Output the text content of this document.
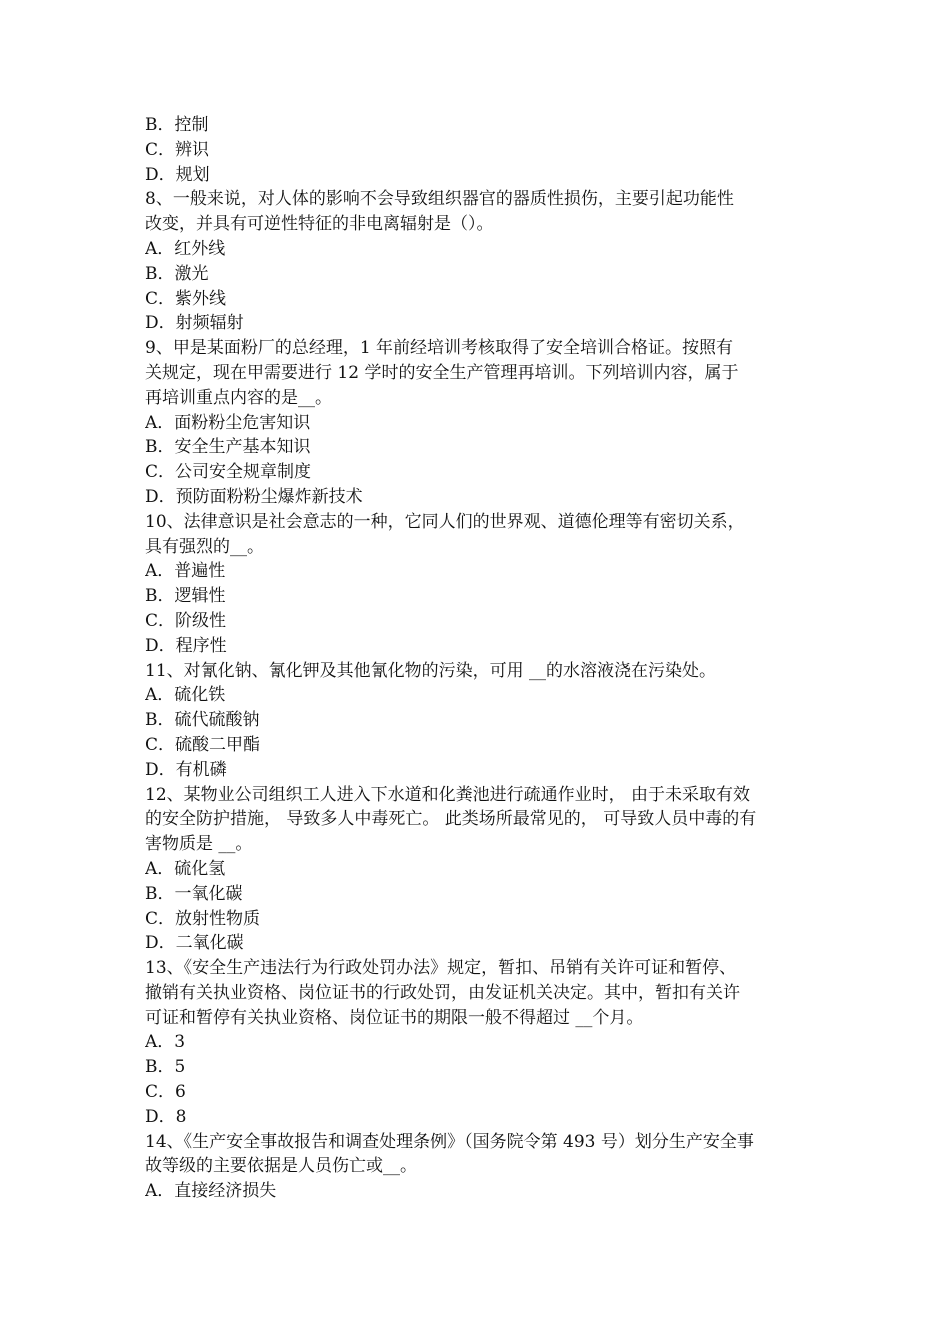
B．控制
C．辨识
D．规划
8、一般来说，对人体的影响不会导致组织器官的器质性损伤，主要引起功能性
改变，并具有可逆性特征的非电离辐射是（）。
A．红外线
B．激光
C．紫外线
D．射频辐射
9、甲是某面粉厂的总经理，1 年前经培训考核取得了安全培训合格证。按照有
关规定，现在甲需要进行 12 学时的安全生产管理再培训。下列培训内容，属于
再培训重点内容的是__。
A．面粉粉尘危害知识
B．安全生产基本知识
C．公司安全规章制度
D．预防面粉粉尘爆炸新技术
10、法律意识是社会意志的一种，它同人们的世界观、道德伦理等有密切关系，
具有强烈的__。
A．普遍性
B．逻辑性
C．阶级性
D．程序性
11、对氰化钠、氰化钾及其他氰化物的污染，可用 __的水溶液浇在污染处。
A．硫化铁
B．硫代硫酸钠
C．硫酸二甲酯
D．有机磷
12、某物业公司组织工人进入下水道和化粪池进行疏通作业时， 由于未采取有效
的安全防护措施， 导致多人中毒死亡。 此类场所最常见的， 可导致人员中毒的有
害物质是 __。
A．硫化氢
B．一氧化碳
C．放射性物质
D．二氧化碳
13、《安全生产违法行为行政处罚办法》规定，暂扣、吊销有关许可证和暂停、
撤销有关执业资格、岗位证书的行政处罚，由发证机关决定。其中，暂扣有关许
可证和暂停有关执业资格、岗位证书的期限一般不得超过 __个月。
A．3
B．5
C．6
D．8
14、《生产安全事故报告和调查处理条例》（国务院令第 493 号）划分生产安全事
故等级的主要依据是人员伤亡或__。
A．直接经济损失
